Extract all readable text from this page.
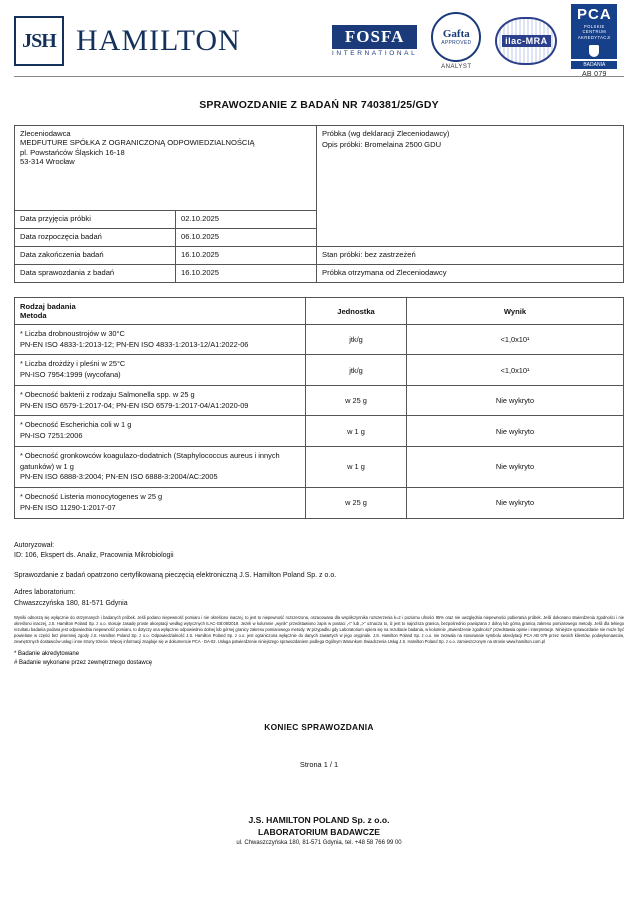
JSH HAMILTON	FOSFA
INTERNATIONAL
Gafta
APPROVED
ANALYST
ilac-MRA
PCA
POLSKIE CENTRUM
AKREDYTACJI
BADANIA
AB 079
SPRAWOZDANIE Z BADAŃ NR 740381/25/GDY
Zleceniodawca
MEDFUTURE SPÓŁKA Z OGRANICZONĄ ODPOWIEDZIALNOŚCIĄ
pl. Powstańców Śląskich 16-18
53-314 Wrocław

Próbka (wg deklaracji Zleceniodawcy)
Opis próbki: Bromelaina 2500 GDU

Data przyjęcia próbki	02.10.2025	
Data rozpoczęcia badań	06.10.2025	
Data zakończenia badań	16.10.2025	Stan próbki: bez zastrzeżeń
Data sprawozdania z badań	16.10.2025	Próbka otrzymana od Zleceniodawcy
Rodzaj badania
Metoda	Jednostka	Wynik

* Liczba drobnoustrojów w 30°C
PN-EN ISO 4833-1:2013-12; PN-EN ISO 4833-1:2013-12/A1:2022-06	jtk/g	<1,0x10¹

* Liczba drożdży i pleśni w 25°C
PN-ISO 7954:1999 (wycofana)	jtk/g	<1,0x10¹

* Obecność bakterii z rodzaju Salmonella spp. w 25 g
PN-EN ISO 6579-1:2017-04; PN-EN ISO 6579-1:2017-04/A1:2020-09	w 25 g	Nie wykryto

* Obecność Escherichia coli w 1 g
PN-ISO 7251:2006	w 1 g	Nie wykryto

* Obecność gronkowców koagulazo-dodatnich (Staphylococcus aureus i innych gatunków) w 1 g
PN-EN ISO 6888-3:2004; PN-EN ISO 6888-3:2004/AC:2005	w 1 g	Nie wykryto

* Obecność Listeria monocytogenes w 25 g
PN-EN ISO 11290-1:2017-07	w 25 g	Nie wykryto
Autoryzował:
ID: 106, Ekspert ds. Analiz, Pracownia Mikrobiologii
Sprawozdanie z badań opatrzono certyfikowaną pieczęcią elektroniczną J.S. Hamilton Poland Sp. z o.o.
Adres laboratorium:
Chwaszczyńska 180, 81-571 Gdynia
Wyniki odnoszą się wyłącznie do otrzymanych i badanych próbek. Jeśli podano niepewność pomiaru i nie określono inaczej, to jest to niepewność rozszerzona, oszacowana dla współczynnika rozszerzenia k=2 i poziomu ufności 95% oraz nie uwzględnia niepewności pobierania próbek. Jeśli dokonano stwierdzenia zgodności i nie określono inaczej, J.S. Hamilton Poland Sp. z o.o. stosuje zasadę proste akceptacji według wytycznych ILAC-G8:09/2019. Jeżeli w kolumnie „wynik" przedstawiono zapis w postaci „<" lub „>" oznacza to, iż jest to najniższa granica, bezpośrednio powiązana z dolną lub górną granicą zakresu pomiarowego metody. Jeśli dla tekiego rezultatu badania podana jest odpowiednia niepewność pomiaru, to dotyczy ona wyłącznie odpowiednio dolnej lub górnej granicy zakresu pomiarowego metody. W przypadku gdy Laboratorium opiera się na rezultacie badania, w kolumnie „stwierdzenie zgodności" przedstawia opinie i interpretacje. Niniejsze sprawozdanie nie może być powielane w części bez pisemnej zgody J.S. Hamilton Poland Sp. z o.o. Odpowiedzialność J.S. Hamilton Poland Sp. z o.o. jest ograniczona wyłącznie do danych zawartych w jego oryginale. J.S. Hamilton Poland Sp. z o.o. nie zezwala na stosowanie symbolu akredytacji PCA AB 079 przez swoich klientów, podwykonawców, zewnętrznych dostawców usług i inne strony trzecie. Więcej informacji znajduje się w dokumencie PCA - DA-02. Usługa potwierdzenie niniejszego sprawozdaniem podlega Ogólnym Warunkom Świadczenia Usług J.S. Hamilton Poland Sp. z o.o. zamieszczonym na stronie www.hamilton.com.pl
* Badanie akredytowane
# Badanie wykonane przez zewnętrznego dostawcę
KONIEC SPRAWOZDANIA
Strona 1 / 1
J.S. HAMILTON POLAND Sp. z o.o.
LABORATORIUM BADAWCZE
ul. Chwaszczyńska 180, 81-571 Gdynia, tel. +48 58 766 99 00
